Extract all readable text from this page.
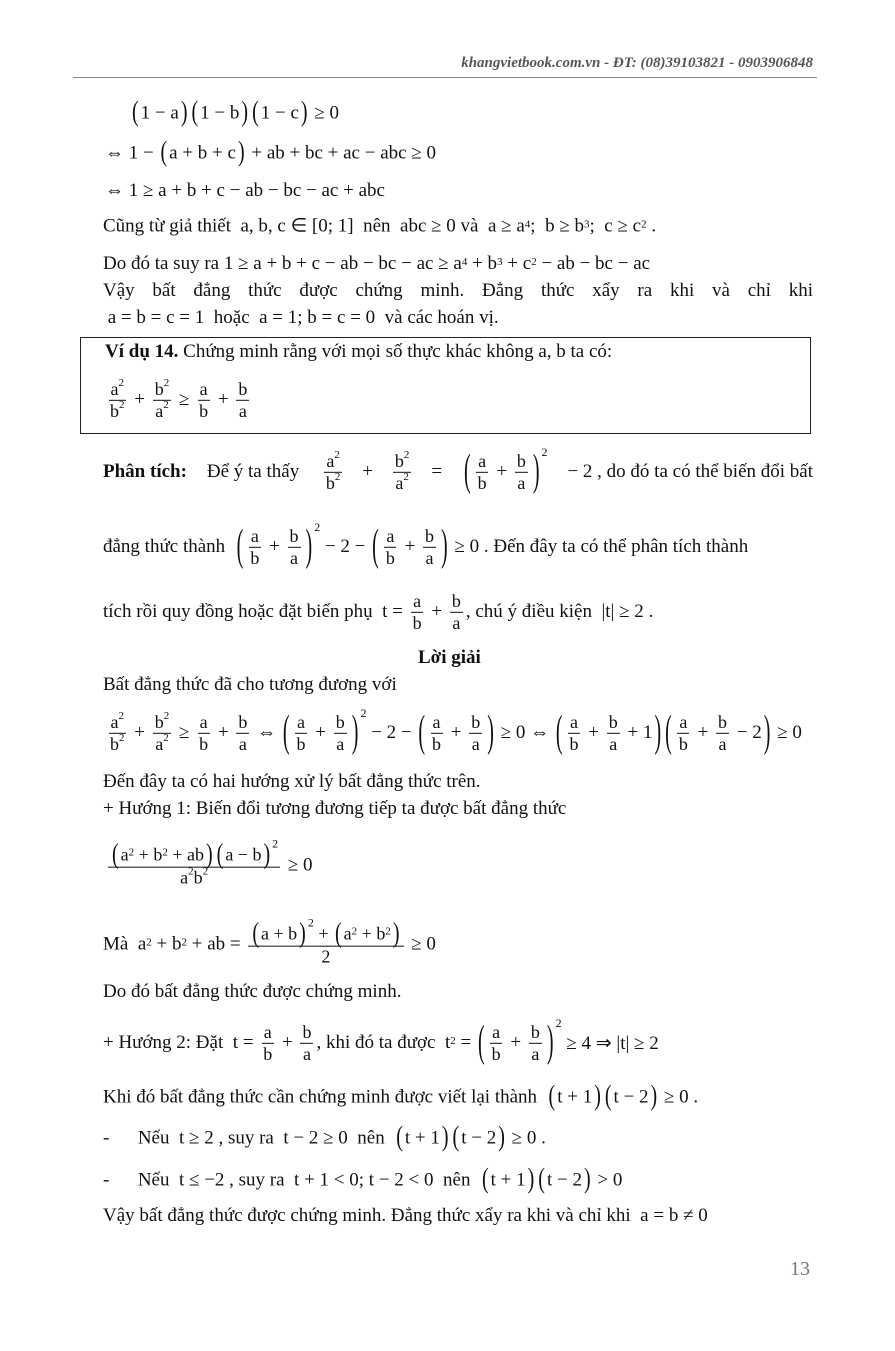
khangvietbook.com.vn - ĐT: (08)39103821 - 0903906848
( 1 − a ) ( 1 − b ) ( 1 − c ) ≥ 0
⇔ 1 − ( a + b + c ) + ab + bc + ac − abc ≥ 0
⇔ 1 ≥ a + b + c − ab − bc − ac + abc
Cũng từ giả thiết  a, b, c ∈ [0; 1]  nên  abc ≥ 0 và  $a \ge a^4$ ;  $b \ge b^3$ ;  $c \ge c^2$ .
Do đó ta suy ra 1 ≥ a + b + c − ab − bc − ac ≥ $a^4 + b^3 + c^2$ − ab − bc − ac
Vậy bất đẳng thức được chứng minh. Đẳng thức xẩy ra khi và chỉ khi
a = b = c = 1  hoặc  a = 1; b = c = 0  và các hoán vị.
Ví dụ 14. Chứng minh rằng với mọi số thực khác không a, b ta có:
$\frac{a^2}{b^2} + \frac{b^2}{a^2} \ge \frac{a}{b} + \frac{b}{a}$
Phân tích: Để ý ta thấy $\frac{a^2}{b^2} + \frac{b^2}{a^2}$ = ( $\frac{a}{b} + \frac{b}{a}$ ) 2
− 2 , do đó ta có thể biến đổi bất
đẳng thức thành ( $\frac{a}{b} + \frac{b}{a}$ ) 2
− 2 − ( $\frac{a}{b} + \frac{b}{a}$ ) ≥ 0 . Đến đây ta có thể phân tích thành
tích rồi quy đồng hoặc đặt biến phụ  $t = \frac{a}{b} + \frac{b}{a}$ , chú ý điều kiện  |t| ≥ 2 .
Lời giải
Bất đẳng thức đã cho tương đương với
$\frac{a^2}{b^2} + \frac{b^2}{a^2} \ge \frac{a}{b} + \frac{b}{a}$ ⇔ ( $\frac{a}{b} + \frac{b}{a}$ ) 2
− 2 − ( $\frac{a}{b} + \frac{b}{a}$ ) ≥ 0 ⇔ ( $\frac{a}{b} + \frac{b}{a} + 1$ ) ( $\frac{a}{b} + \frac{b}{a} - 2$ ) ≥ 0
Đến đây ta có hai hướng xử lý bất đẳng thức trên.
+ Hướng 1: Biến đổi tương đương tiếp ta được bất đẳng thức
$\frac{( a^2 + b^2 + ab ) ( a - b ) 2}{a^2b^2} \ge 0$
Mà  $a^2 + b^2$ + ab = ( a + b ) 2
+ ( $a^2 + b^2$ )
2 ≥ 0
Do đó bất đẳng thức được chứng minh.
+ Hướng 2: Đặt  $t = \frac{a}{b} + \frac{b}{a}$ , khi đó ta được  $t^2$ = ( $\frac{a}{b} + \frac{b}{a}$ ) 2
≥ 4 ⇒ |t| ≥ 2
Khi đó bất đẳng thức cần chứng minh được viết lại thành ( t + 1 ) ( t − 2 ) ≥ 0 .
-      Nếu  t ≥ 2 , suy ra  t − 2 ≥ 0  nên ( t + 1 ) ( t − 2 ) ≥ 0 .
-      Nếu  t ≤ −2 , suy ra  t + 1 < 0; t − 2 < 0  nên ( t + 1 ) ( t − 2 ) > 0
Vậy bất đẳng thức được chứng minh. Đẳng thức xẩy ra khi và chỉ khi  a = b ≠ 0
13
